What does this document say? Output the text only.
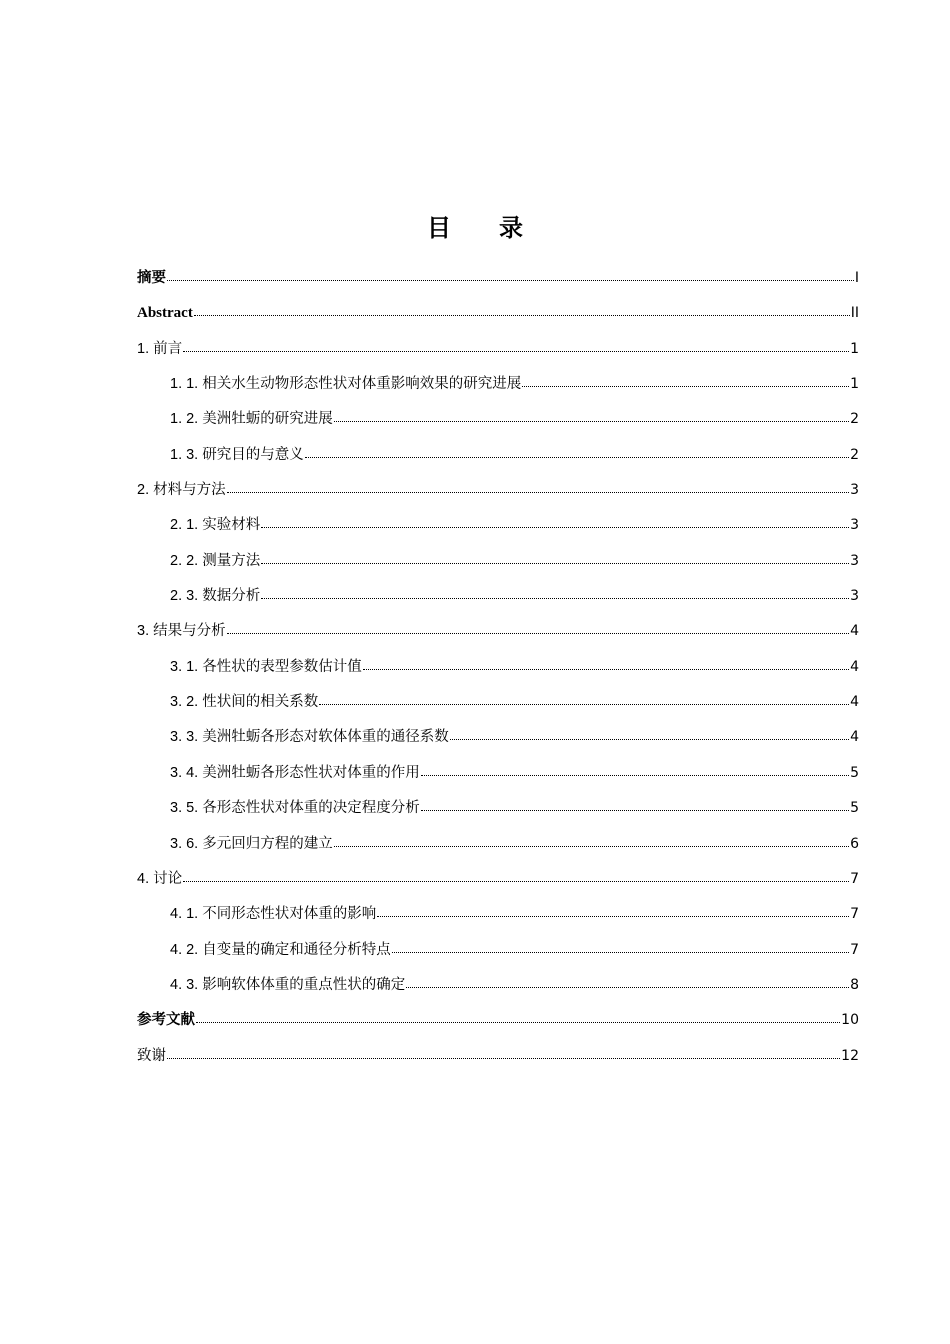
目 录
摘要	I
Abstract	II
1. 前言	1
1. 1. 相关水生动物形态性状对体重影响效果的研究进展	1
1. 2. 美洲牡蛎的研究进展	2
1. 3. 研究目的与意义	2
2. 材料与方法	3
2. 1. 实验材料	3
2. 2. 测量方法	3
2. 3. 数据分析	3
3. 结果与分析	4
3. 1. 各性状的表型参数估计值	4
3. 2. 性状间的相关系数	4
3. 3. 美洲牡蛎各形态对软体体重的通径系数	4
3. 4. 美洲牡蛎各形态性状对体重的作用	5
3. 5. 各形态性状对体重的决定程度分析	5
3. 6. 多元回归方程的建立	6
4. 讨论	7
4. 1. 不同形态性状对体重的影响	7
4. 2. 自变量的确定和通径分析特点	7
4. 3. 影响软体体重的重点性状的确定	8
参考文献	10
致谢	12
